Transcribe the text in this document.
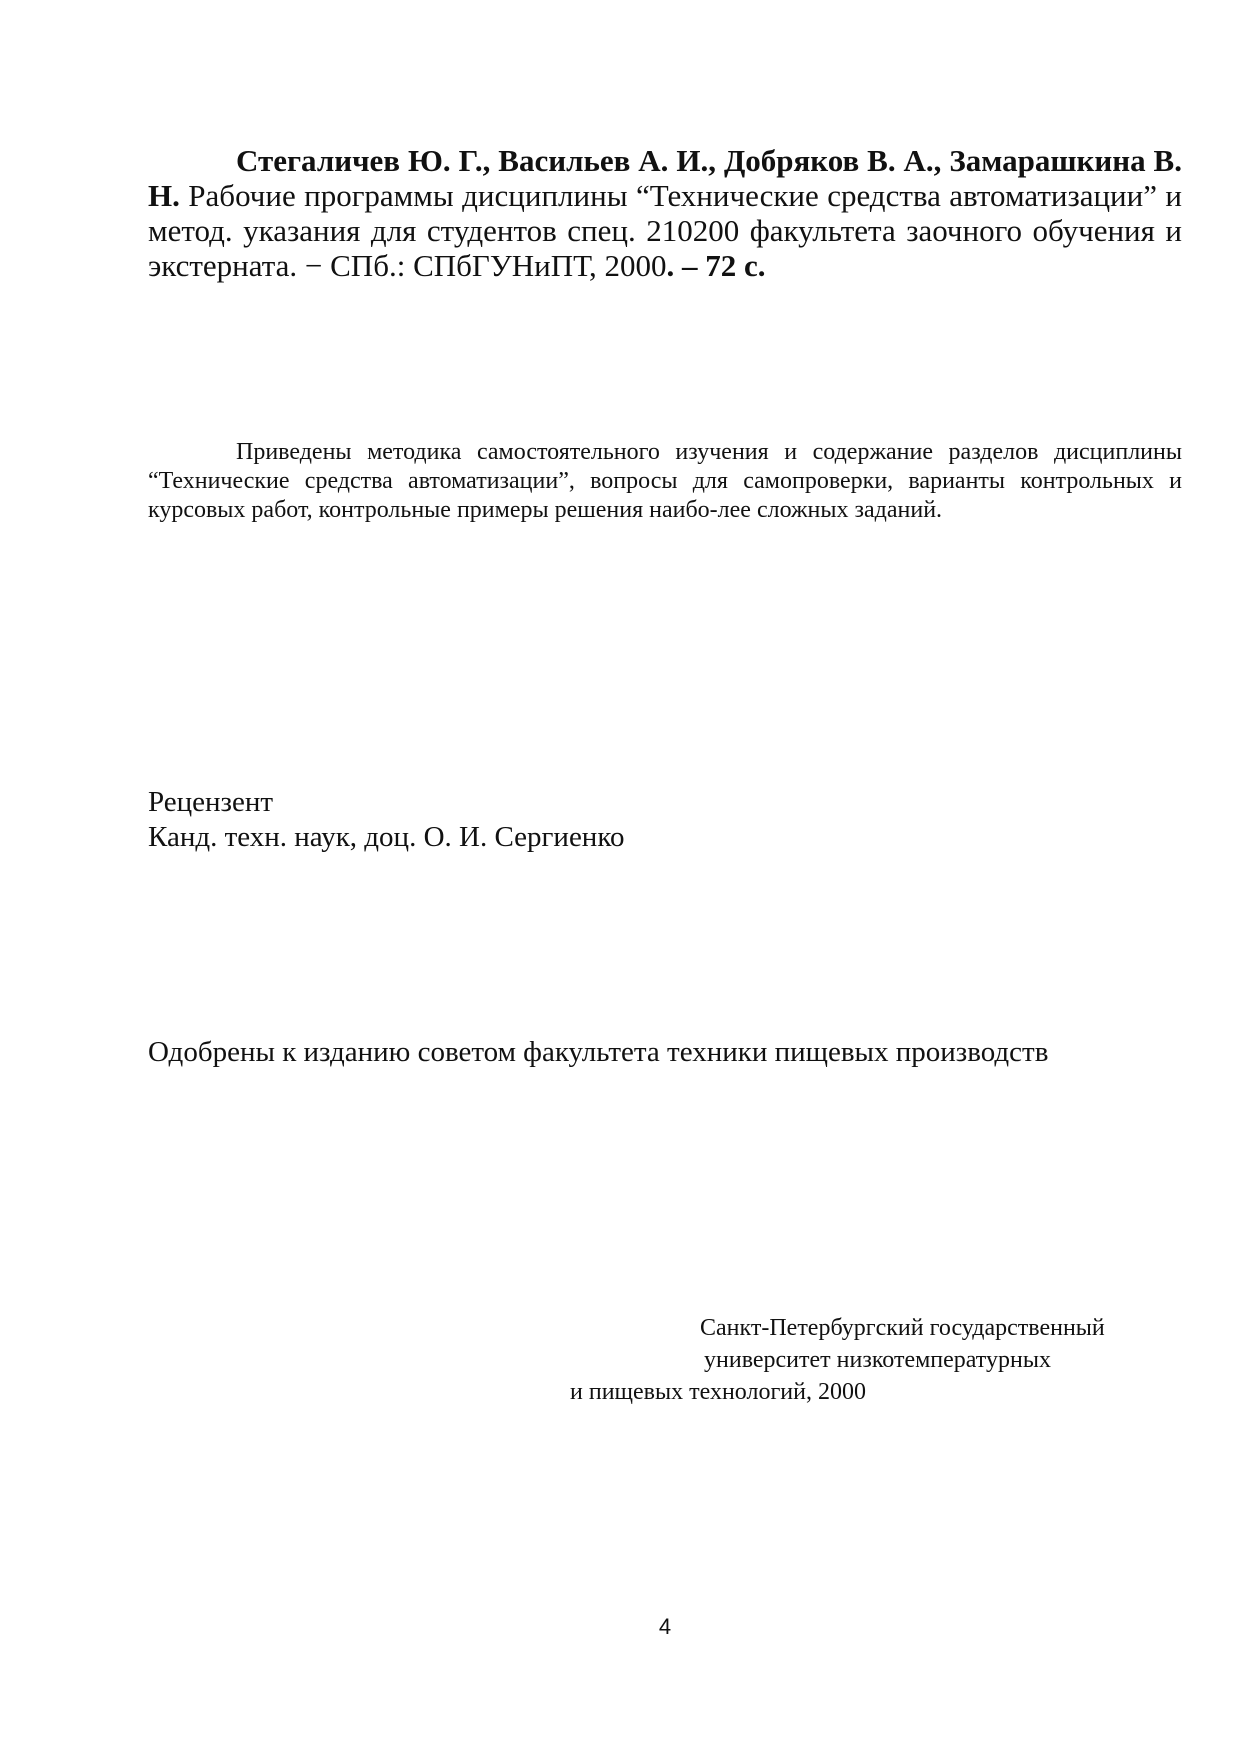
Стегаличев Ю. Г., Васильев А. И., Добряков В. А., Замарашкина В. Н. Рабочие программы дисциплины “Технические средства автоматизации” и метод. указания для студентов спец. 210200 факультета заочного обучения и экстерната. − СПб.: СПбГУНиПТ, 2000. – 72 с.

Приведены методика самостоятельного изучения и содержание разделов дисциплины “Технические средства автоматизации”, вопросы для самопроверки, варианты контрольных и курсовых работ, контрольные примеры решения наибо-лее сложных заданий.

Рецензент
Канд. техн. наук, доц. О. И. Сергиенко

Одобрены к изданию советом факультета техники пищевых производств

Санкт-Петербургский государственный
университет низкотемпературных
и пищевых технологий, 2000
4
